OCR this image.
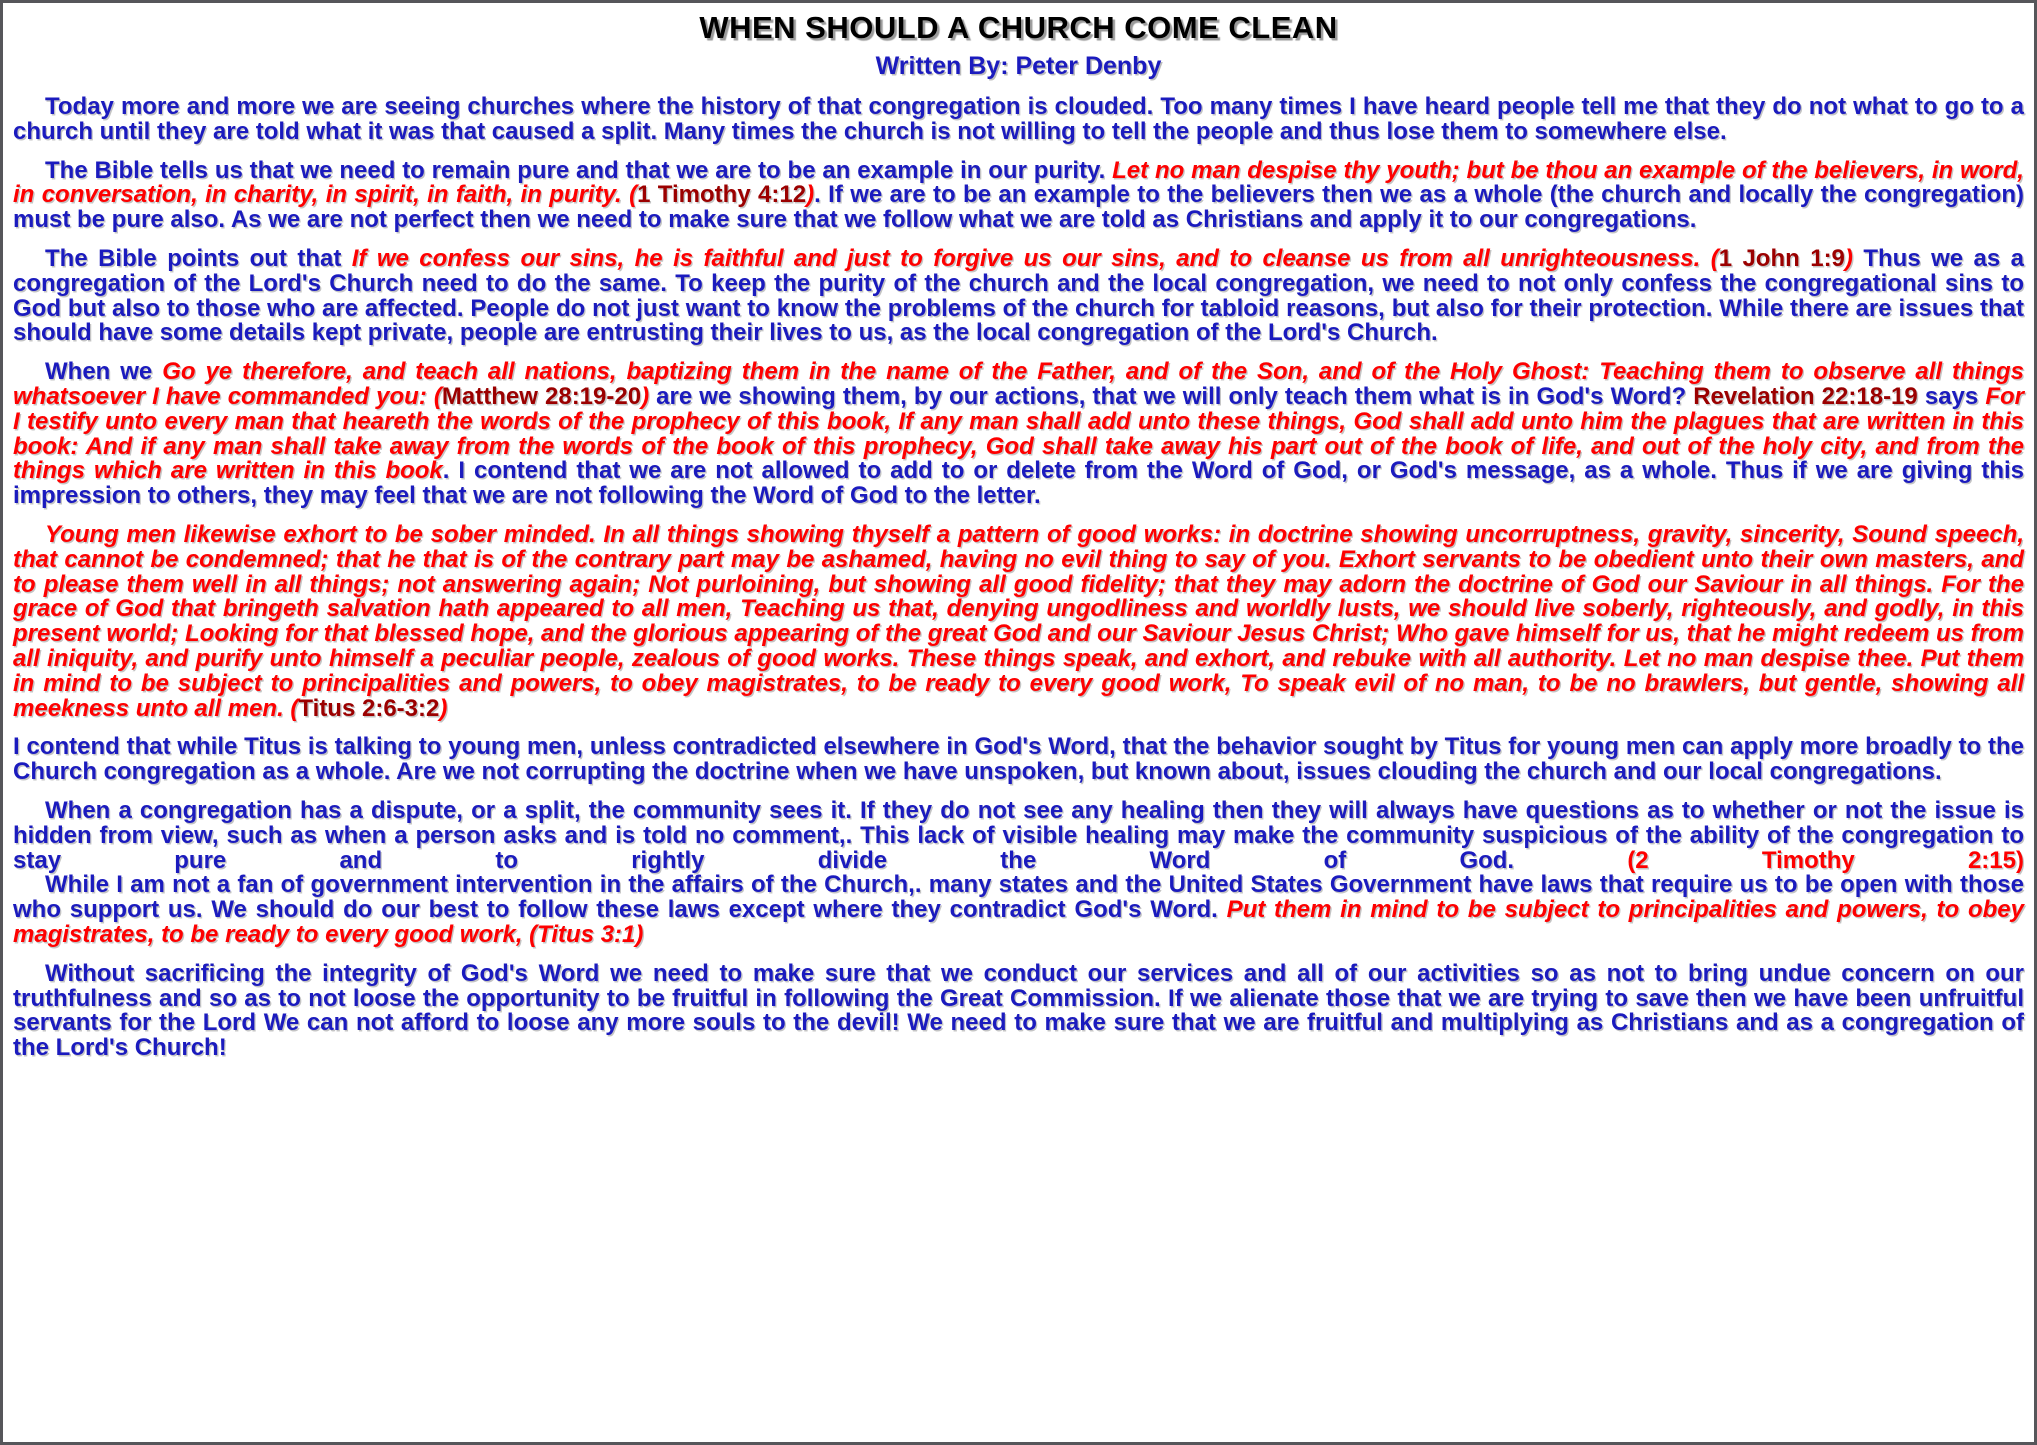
WHEN SHOULD A CHURCH COME CLEAN
Written By: Peter Denby
Today more and more we are seeing churches where the history of that congregation is clouded. Too many times I have heard people tell me that they do not what to go to a church until they are told what it was that caused a split. Many times the church is not willing to tell the people and thus lose them to somewhere else.
The Bible tells us that we need to remain pure and that we are to be an example in our purity. Let no man despise thy youth; but be thou an example of the believers, in word, in conversation, in charity, in spirit, in faith, in purity. (1 Timothy 4:12). If we are to be an example to the believers then we as a whole (the church and locally the congregation) must be pure also. As we are not perfect then we need to make sure that we follow what we are told as Christians and apply it to our congregations.
The Bible points out that If we confess our sins, he is faithful and just to forgive us our sins, and to cleanse us from all unrighteousness. (1 John 1:9) Thus we as a congregation of the Lord's Church need to do the same. To keep the purity of the church and the local congregation, we need to not only confess the congregational sins to God but also to those who are affected. People do not just want to know the problems of the church for tabloid reasons, but also for their protection. While there are issues that should have some details kept private, people are entrusting their lives to us, as the local congregation of the Lord's Church.
When we Go ye therefore, and teach all nations, baptizing them in the name of the Father, and of the Son, and of the Holy Ghost: Teaching them to observe all things whatsoever I have commanded you: (Matthew 28:19-20) are we showing them, by our actions, that we will only teach them what is in God's Word? Revelation 22:18-19 says For I testify unto every man that heareth the words of the prophecy of this book, If any man shall add unto these things, God shall add unto him the plagues that are written in this book: And if any man shall take away from the words of the book of this prophecy, God shall take away his part out of the book of life, and out of the holy city, and from the things which are written in this book. I contend that we are not allowed to add to or delete from the Word of God, or God's message, as a whole. Thus if we are giving this impression to others, they may feel that we are not following the Word of God to the letter.
Young men likewise exhort to be sober minded. In all things showing thyself a pattern of good works: in doctrine showing uncorruptness, gravity, sincerity, Sound speech, that cannot be condemned; that he that is of the contrary part may be ashamed, having no evil thing to say of you. Exhort servants to be obedient unto their own masters, and to please them well in all things; not answering again; Not purloining, but showing all good fidelity; that they may adorn the doctrine of God our Saviour in all things. For the grace of God that bringeth salvation hath appeared to all men, Teaching us that, denying ungodliness and worldly lusts, we should live soberly, righteously, and godly, in this present world; Looking for that blessed hope, and the glorious appearing of the great God and our Saviour Jesus Christ; Who gave himself for us, that he might redeem us from all iniquity, and purify unto himself a peculiar people, zealous of good works. These things speak, and exhort, and rebuke with all authority. Let no man despise thee. Put them in mind to be subject to principalities and powers, to obey magistrates, to be ready to every good work, To speak evil of no man, to be no brawlers, but gentle, showing all meekness unto all men. (Titus 2:6-3:2)
I contend that while Titus is talking to young men, unless contradicted elsewhere in God's Word, that the behavior sought by Titus for young men can apply more broadly to the Church congregation as a whole. Are we not corrupting the doctrine when we have unspoken, but known about, issues clouding the church and our local congregations.
When a congregation has a dispute, or a split, the community sees it. If they do not see any healing then they will always have questions as to whether or not the issue is hidden from view, such as when a person asks and is told no comment,. This lack of visible healing may make the community suspicious of the ability of the congregation to stay pure and to rightly divide the Word of God. (2 Timothy 2:15)
While I am not a fan of government intervention in the affairs of the Church,. many states and the United States Government have laws that require us to be open with those who support us. We should do our best to follow these laws except where they contradict God's Word. Put them in mind to be subject to principalities and powers, to obey magistrates, to be ready to every good work, (Titus 3:1)
Without sacrificing the integrity of God's Word we need to make sure that we conduct our services and all of our activities so as not to bring undue concern on our truthfulness and so as to not loose the opportunity to be fruitful in following the Great Commission. If we alienate those that we are trying to save then we have been unfruitful servants for the Lord We can not afford to loose any more souls to the devil! We need to make sure that we are fruitful and multiplying as Christians and as a congregation of the Lord's Church!
